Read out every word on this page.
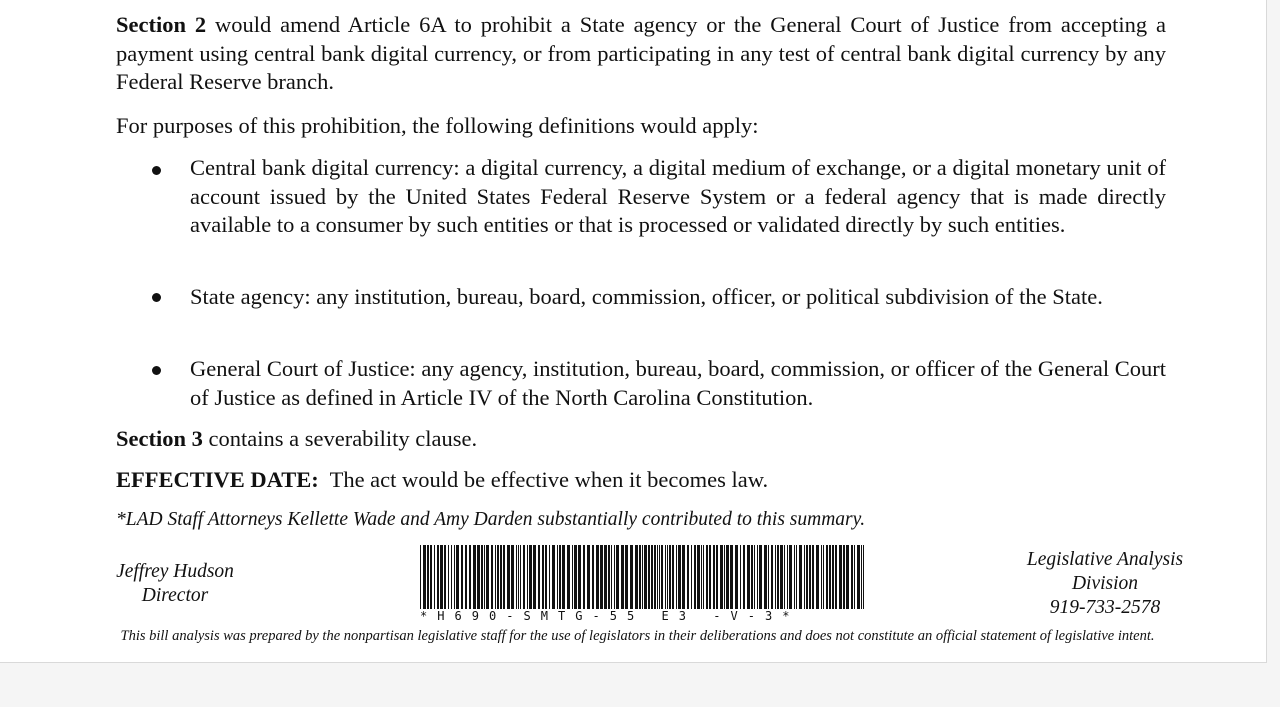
Section 2 would amend Article 6A to prohibit a State agency or the General Court of Justice from accepting a payment using central bank digital currency, or from participating in any test of central bank digital currency by any Federal Reserve branch.
For purposes of this prohibition, the following definitions would apply:
Central bank digital currency: a digital currency, a digital medium of exchange, or a digital monetary unit of account issued by the United States Federal Reserve System or a federal agency that is made directly available to a consumer by such entities or that is processed or validated directly by such entities.
State agency: any institution, bureau, board, commission, officer, or political subdivision of the State.
General Court of Justice: any agency, institution, bureau, board, commission, or officer of the General Court of Justice as defined in Article IV of the North Carolina Constitution.
Section 3 contains a severability clause.
EFFECTIVE DATE:  The act would be effective when it becomes law.
*LAD Staff Attorneys Kellette Wade and Amy Darden substantially contributed to this summary.
Jeffrey Hudson
Director
* H 6 9 0 - S M T G - 5 5   E 3   - V - 3 *
Legislative Analysis
Division
919-733-2578
This bill analysis was prepared by the nonpartisan legislative staff for the use of legislators in their deliberations and does not constitute an official statement of legislative intent.
